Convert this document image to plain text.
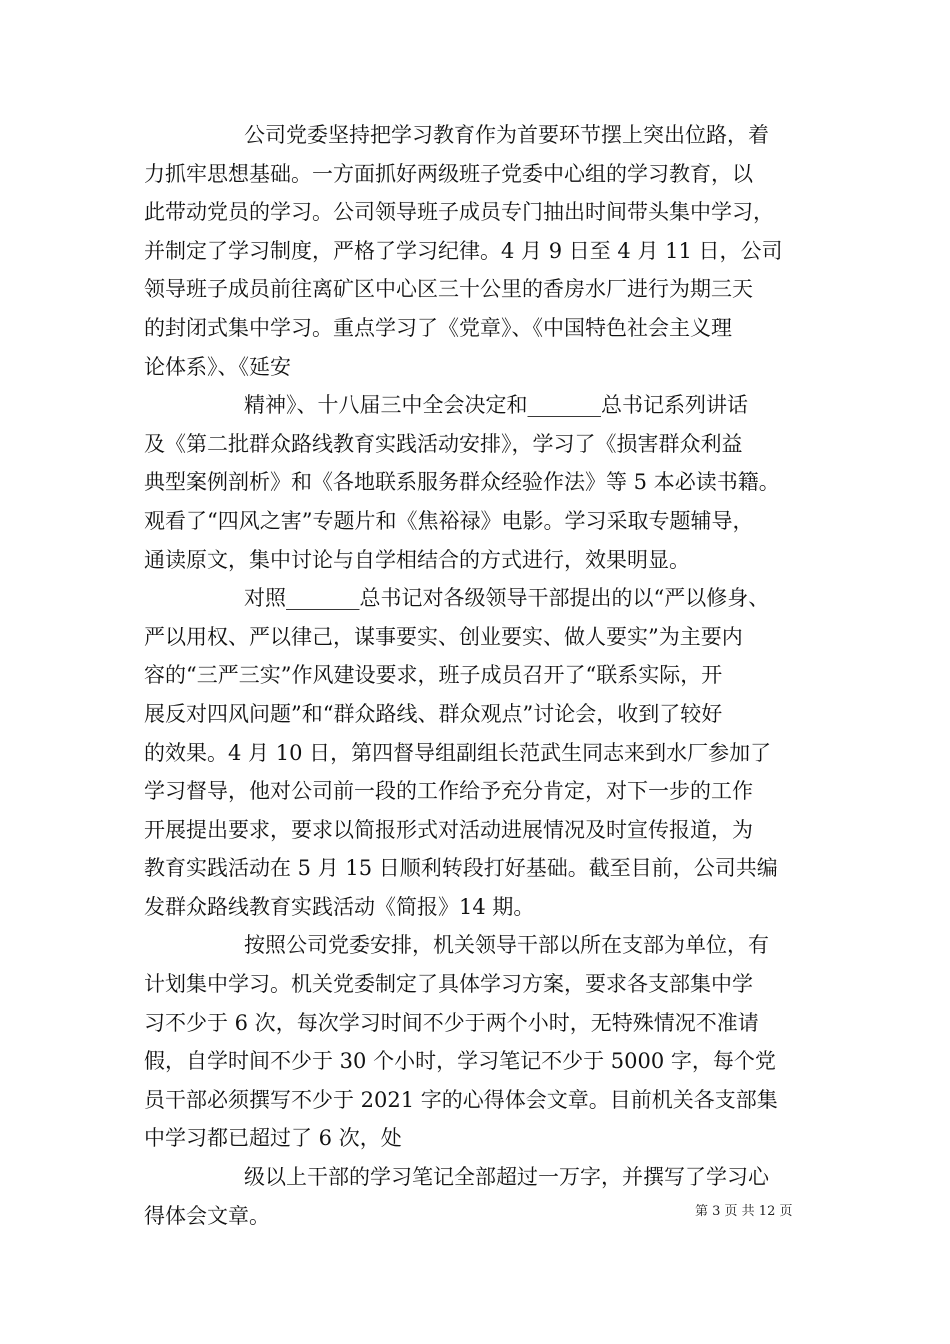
公司党委坚持把学习教育作为首要环节摆上突出位路，着
力抓牢思想基础。一方面抓好两级班子党委中心组的学习教育，以
此带动党员的学习。公司领导班子成员专门抽出时间带头集中学习，
并制定了学习制度，严格了学习纪律。4 月 9 日至 4 月 11 日，公司
领导班子成员前往离矿区中心区三十公里的香房水厂进行为期三天
的封闭式集中学习。重点学习了《党章》、《中国特色社会主义理
论体系》、《延安
精神》、十八届三中全会决定和_______总书记系列讲话
及《第二批群众路线教育实践活动安排》，学习了《损害群众利益
典型案例剖析》和《各地联系服务群众经验作法》等 5 本必读书籍。
观看了“四风之害”专题片和《焦裕禄》电影。学习采取专题辅导，
通读原文，集中讨论与自学相结合的方式进行，效果明显。
对照_______总书记对各级领导干部提出的以“严以修身、
严以用权、严以律己，谋事要实、创业要实、做人要实”为主要内
容的“三严三实”作风建设要求，班子成员召开了“联系实际，开
展反对四风问题”和“群众路线、群众观点”讨论会，收到了较好
的效果。4 月 10 日，第四督导组副组长范武生同志来到水厂参加了
学习督导，他对公司前一段的工作给予充分肯定，对下一步的工作
开展提出要求，要求以简报形式对活动进展情况及时宣传报道，为
教育实践活动在 5 月 15 日顺利转段打好基础。截至目前，公司共编
发群众路线教育实践活动《简报》14 期。
按照公司党委安排，机关领导干部以所在支部为单位，有
计划集中学习。机关党委制定了具体学习方案，要求各支部集中学
习不少于 6 次，每次学习时间不少于两个小时，无特殊情况不准请
假，自学时间不少于 30 个小时，学习笔记不少于 5000 字，每个党
员干部必须撰写不少于 2021 字的心得体会文章。目前机关各支部集
中学习都已超过了 6 次，处
级以上干部的学习笔记全部超过一万字，并撰写了学习心
得体会文章。	第 3 页 共 12 页
